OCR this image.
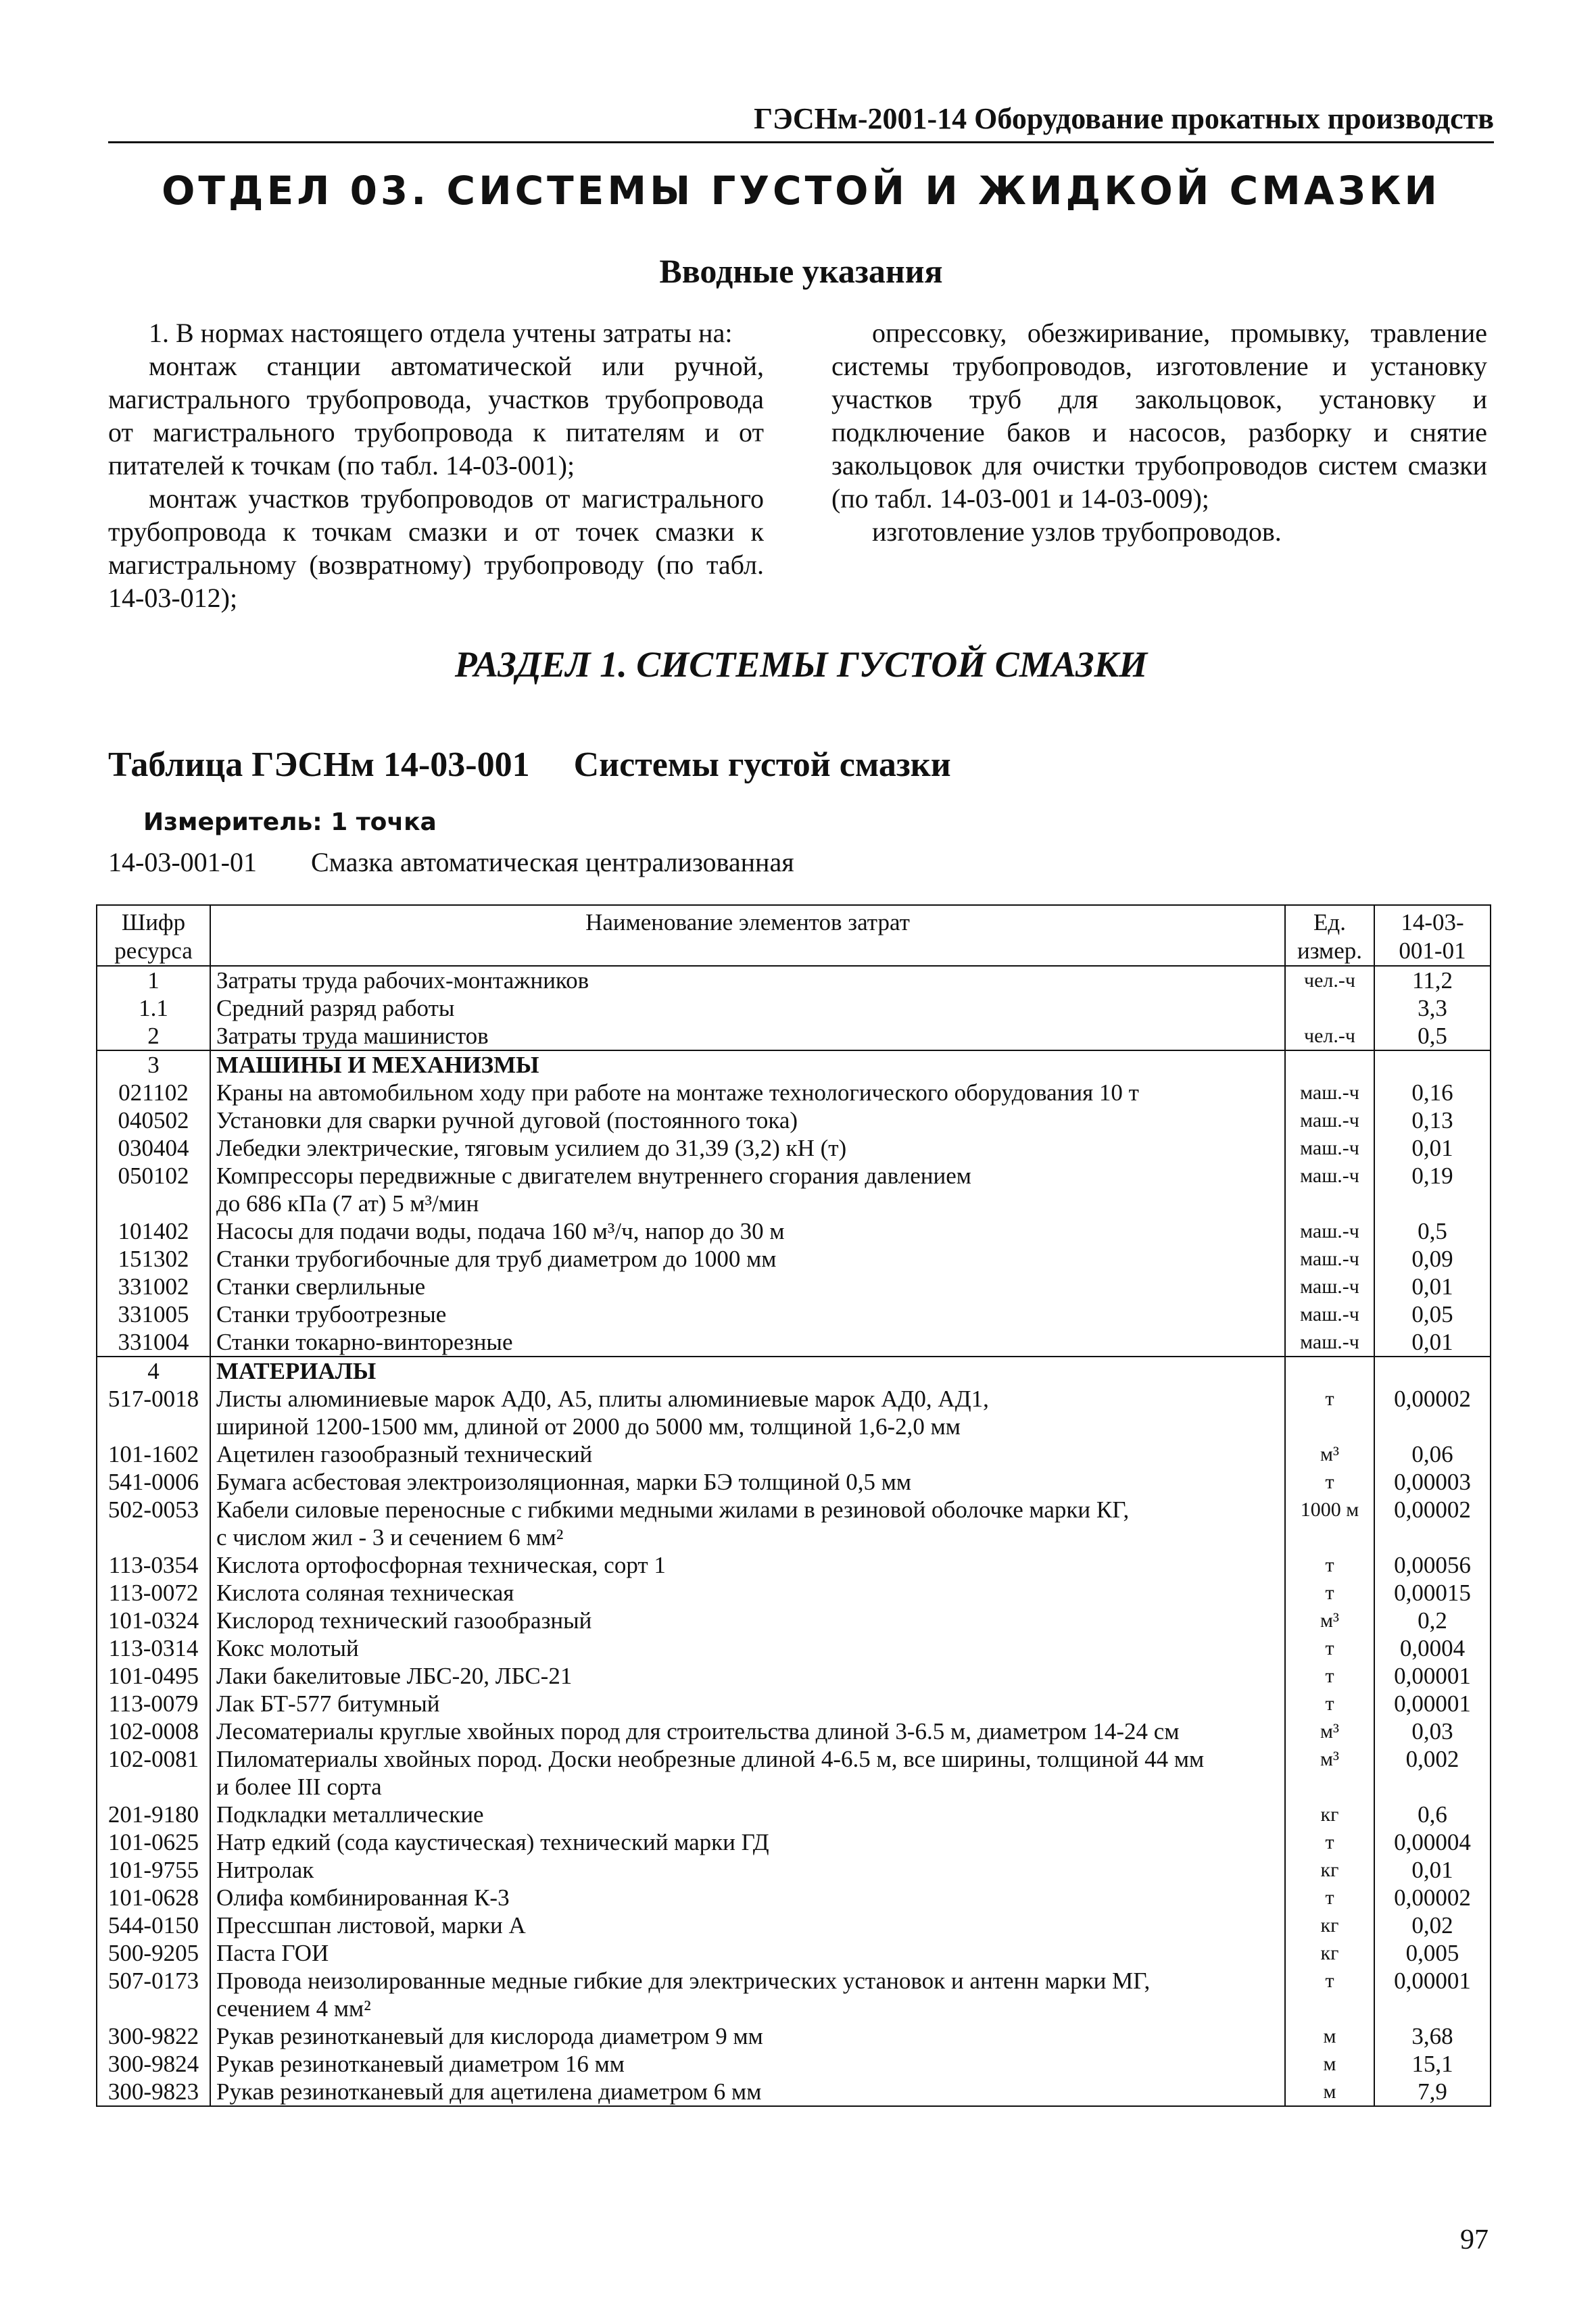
ГЭСНм-2001-14 Оборудование прокатных производств
ОТДЕЛ 03. СИСТЕМЫ ГУСТОЙ И ЖИДКОЙ СМАЗКИ
Вводные указания

1. В нормах настоящего отдела учтены затраты на:

монтаж станции автоматической или ручной, магистрального трубопровода, участков трубопровода от магистрального трубопровода к питателям и от питателей к точкам (по табл. 14-03-001);

монтаж участков трубопроводов от магистрального трубопровода к точкам смазки и от точек смазки к магистральному (возвратному) трубопроводу (по табл. 14-03-012);

опрессовку, обезжиривание, промывку, травление системы трубопроводов, изготовление и установку участков труб для закольцовок, установку и подключение баков и насосов, разборку и снятие закольцовок для очистки трубопроводов систем смазки (по табл. 14-03-001 и 14-03-009);

изготовление узлов трубопроводов.

РАЗДЕЛ 1. СИСТЕМЫ ГУСТОЙ СМАЗКИ
Таблица ГЭСНм 14-03-001     Системы густой смазки
Измеритель: 1 точка
14-03-001-01 Смазка автоматическая централизованная
Шифр ресурса	Наименование элементов затрат	Ед. измер.	14-03-001-01
1	Затраты труда рабочих-монтажников	чел.-ч	11,2
1.1	Средний разряд работы		3,3
2	Затраты труда машинистов	чел.-ч	0,5
3	МАШИНЫ И МЕХАНИЗМЫ		
021102	Краны на автомобильном ходу при работе на монтаже технологического оборудования 10 т	маш.-ч	0,16
040502	Установки для сварки ручной дуговой (постоянного тока)	маш.-ч	0,13
030404	Лебедки электрические, тяговым усилием до 31,39 (3,2) кН (т)	маш.-ч	0,01
050102	Компрессоры передвижные с двигателем внутреннего сгорания давлением
до 686 кПа (7 ат) 5 м³/мин	маш.-ч	0,19
101402	Насосы для подачи воды, подача 160 м³/ч, напор до 30 м	маш.-ч	0,5
151302	Станки трубогибочные для труб диаметром до 1000 мм	маш.-ч	0,09
331002	Станки сверлильные	маш.-ч	0,01
331005	Станки трубоотрезные	маш.-ч	0,05
331004	Станки токарно-винторезные	маш.-ч	0,01
4	МАТЕРИАЛЫ		
517-0018	Листы алюминиевые марок АД0, А5, плиты алюминиевые марок АД0, АД1,
шириной 1200-1500 мм, длиной от 2000 до 5000 мм, толщиной 1,6-2,0 мм	т	0,00002
101-1602	Ацетилен газообразный технический	м³	0,06
541-0006	Бумага асбестовая электроизоляционная, марки БЭ толщиной 0,5 мм	т	0,00003
502-0053	Кабели силовые переносные с гибкими медными жилами в резиновой оболочке марки КГ,
с числом жил - 3 и сечением 6 мм²	1000 м	0,00002
113-0354	Кислота ортофосфорная техническая, сорт 1	т	0,00056
113-0072	Кислота соляная техническая	т	0,00015
101-0324	Кислород технический газообразный	м³	0,2
113-0314	Кокс молотый	т	0,0004
101-0495	Лаки бакелитовые ЛБС-20, ЛБС-21	т	0,00001
113-0079	Лак БТ-577 битумный	т	0,00001
102-0008	Лесоматериалы круглые хвойных пород для строительства длиной 3-6.5 м, диаметром 14-24 см	м³	0,03
102-0081	Пиломатериалы хвойных пород. Доски необрезные длиной 4-6.5 м, все ширины, толщиной 44 мм
и более III сорта	м³	0,002
201-9180	Подкладки металлические	кг	0,6
101-0625	Натр едкий (сода каустическая) технический марки ГД	т	0,00004
101-9755	Нитролак	кг	0,01
101-0628	Олифа комбинированная К-3	т	0,00002
544-0150	Прессшпан листовой, марки А	кг	0,02
500-9205	Паста ГОИ	кг	0,005
507-0173	Провода неизолированные медные гибкие для электрических установок и антенн марки МГ,
сечением 4 мм²	т	0,00001
300-9822	Рукав резинотканевый для кислорода диаметром 9 мм	м	3,68
300-9824	Рукав резинотканевый диаметром 16 мм	м	15,1
300-9823	Рукав резинотканевый для ацетилена диаметром 6 мм	м	7,9
97
